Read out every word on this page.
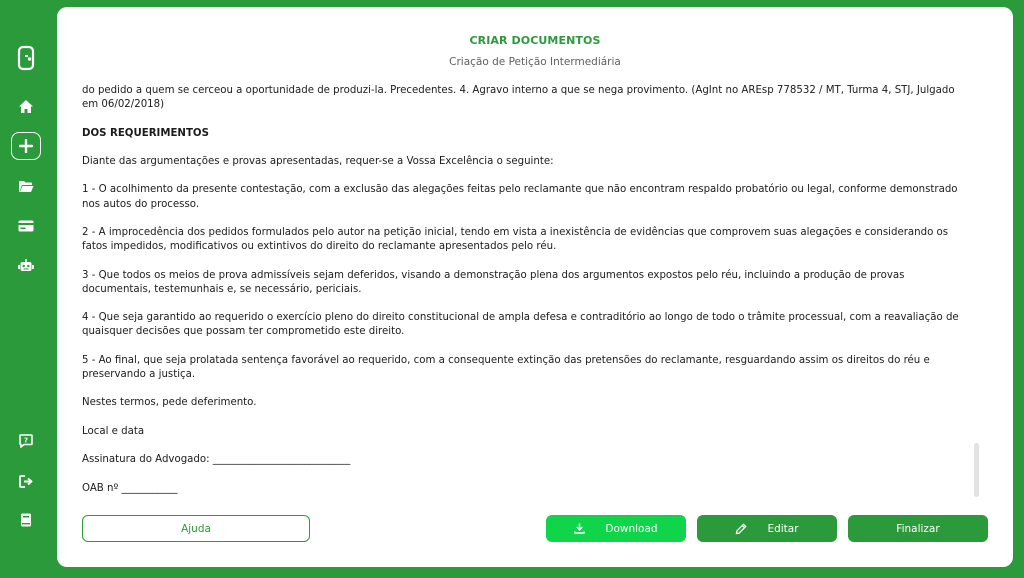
?
CRIAR DOCUMENTOS
Criação de Petição Intermediária

do pedido a quem se cerceou a oportunidade de produzi-la. Precedentes. 4. Agravo interno a que se nega provimento. (AgInt no AREsp 778532 / MT, Turma 4, STJ, Julgado em 06/02/2018)

DOS REQUERIMENTOS

Diante das argumentações e provas apresentadas, requer-se a Vossa Excelência o seguinte:

1 - O acolhimento da presente contestação, com a exclusão das alegações feitas pelo reclamante que não encontram respaldo probatório ou legal, conforme demonstrado nos autos do processo.

2 - A improcedência dos pedidos formulados pelo autor na petição inicial, tendo em vista a inexistência de evidências que comprovem suas alegações e considerando os fatos impedidos, modificativos ou extintivos do direito do reclamante apresentados pelo réu.

3 - Que todos os meios de prova admissíveis sejam deferidos, visando a demonstração plena dos argumentos expostos pelo réu, incluindo a produção de provas documentais, testemunhais e, se necessário, periciais.

4 - Que seja garantido ao requerido o exercício pleno do direito constitucional de ampla defesa e contraditório ao longo de todo o trâmite processual, com a reavaliação de quaisquer decisões que possam ter comprometido este direito.

5 - Ao final, que seja prolatada sentença favorável ao requerido, com a consequente extinção das pretensões do reclamante, resguardando assim os direitos do réu e preservando a justiça.

Nestes termos, pede deferimento.

Local e data

Assinatura do Advogado: ___________________________

OAB nº ___________

Ajuda	Download	Editar	Finalizar
